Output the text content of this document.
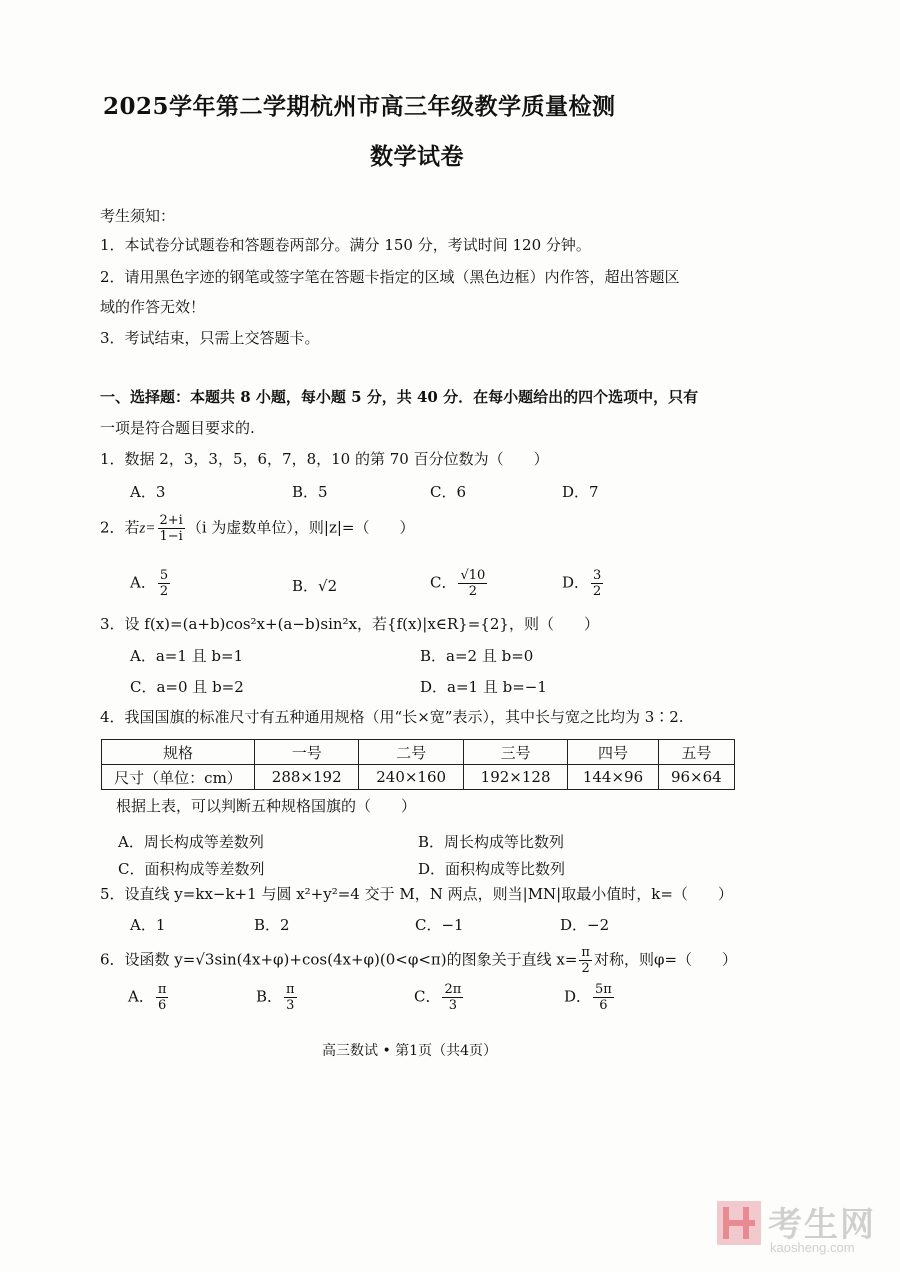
2025学年第二学期杭州市高三年级教学质量检测
数学试卷
考生须知：
1．本试卷分试题卷和答题卷两部分。满分 150 分，考试时间 120 分钟。
2．请用黑色字迹的钢笔或签字笔在答题卡指定的区域（黑色边框）内作答，超出答题区
域的作答无效！
3．考试结束，只需上交答题卡。
一、选择题：本题共 8 小题，每小题 5 分，共 40 分．在每小题给出的四个选项中，只有
一项是符合题目要求的.
1．数据 2，3，3，5，6，7，8，10 的第 70 百分位数为（　　）
A．3	B．5	C．6	D．7
2．若$z= \frac{2+i}{1-i} (i$ 为虚数单位），则|z|=（　　）
A． $\frac{5}{2}$	B．√2	C． $\frac{√10}{2}$	D． $\frac{3}{2}$
3．设 f(x)=(a+b)cos²x+(a−b)sin²x，若{f(x)|x∈R}={2}，则（　　）
A．a=1 且 b=1	B．a=2 且 b=0
C．a=0 且 b=2	D．a=1 且 b=−1
4．我国国旗的标准尺寸有五种通用规格（用“长×宽”表示），其中长与宽之比均为 3∶2.
规格	一号	二号	三号	四号	五号
尺寸（单位：cm）	288×192	240×160	192×128	144×96	96×64
根据上表，可以判断五种规格国旗的（　　）
A．周长构成等差数列	B．周长构成等比数列
C．面积构成等差数列	D．面积构成等比数列
5．设直线 y=kx−k+1 与圆 x²+y²=4 交于 M，N 两点，则当|MN|取最小值时，k=（　　）
A．1	B．2	C．−1	D．−2
6．设函数 y=√3sin(4x+φ)+cos(4x+φ)(0<φ<π)的图象关于直线 $x= \frac{\pi}{2}$ 对称，则φ=（　　）
A． $\frac{\pi}{6}$	B． $\frac{\pi}{3}$	C． $\frac{2\pi}{3}$	D． $\frac{5\pi}{6}$
高三数试 • 第1页（共4页）
考生网
kaosheng.com
